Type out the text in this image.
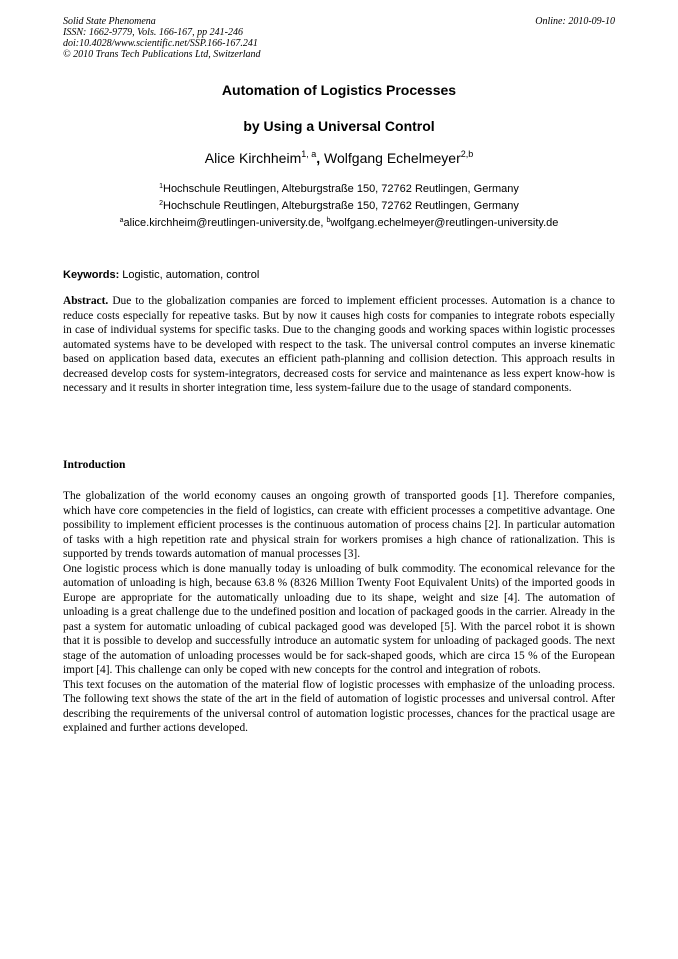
Solid State Phenomena
ISSN: 1662-9779, Vols. 166-167, pp 241-246
doi:10.4028/www.scientific.net/SSP.166-167.241
© 2010 Trans Tech Publications Ltd, Switzerland
Online: 2010-09-10
Automation of Logistics Processes
by Using a Universal Control
Alice Kirchheim$^{1, a}$, Wolfgang Echelmeyer$^{2,b}$
$^1$Hochschule Reutlingen, Alteburgstraße 150, 72762 Reutlingen, Germany
$^2$Hochschule Reutlingen, Alteburgstraße 150, 72762 Reutlingen, Germany
$^a$alice.kirchheim@reutlingen-university.de, $^b$wolfgang.echelmeyer@reutlingen-university.de
Keywords: Logistic, automation, control
Abstract. Due to the globalization companies are forced to implement efficient processes. Automation is a chance to reduce costs especially for repeative tasks. But by now it causes high costs for companies to integrate robots especially in case of individual systems for specific tasks. Due to the changing goods and working spaces within logistic processes automated systems have to be developed with respect to the task. The universal control computes an inverse kinematic based on application based data, executes an efficient path-planning and collision detection. This approach results in decreased develop costs for system-integrators, decreased costs for service and maintenance as less expert know-how is necessary and it results in shorter integration time, less system-failure due to the usage of standard components.
Introduction

The globalization of the world economy causes an ongoing growth of transported goods [1]. Therefore companies, which have core competencies in the field of logistics, can create with efficient processes a competitive advantage. One possibility to implement efficient processes is the continuous automation of process chains [2]. In particular automation of tasks with a high repetition rate and physical strain for workers promises a high chance of rationalization. This is supported by trends towards automation of manual processes [3].

One logistic process which is done manually today is unloading of bulk commodity. The economical relevance for the automation of unloading is high, because 63.8 % (8326 Million Twenty Foot Equivalent Units) of the imported goods in Europe are appropriate for the automatically unloading due to its shape, weight and size [4]. The automation of unloading is a great challenge due to the undefined position and location of packaged goods in the carrier. Already in the past a system for automatic unloading of cubical packaged good was developed [5]. With the parcel robot it is shown that it is possible to develop and successfully introduce an automatic system for unloading of packaged goods. The next stage of the automation of unloading processes would be for sack-shaped goods, which are circa 15 % of the European import [4]. This challenge can only be coped with new concepts for the control and integration of robots.

This text focuses on the automation of the material flow of logistic processes with emphasize of the unloading process. The following text shows the state of the art in the field of automation of logistic processes and universal control. After describing the requirements of the universal control of automation logistic processes, chances for the practical usage are explained and further actions developed.
